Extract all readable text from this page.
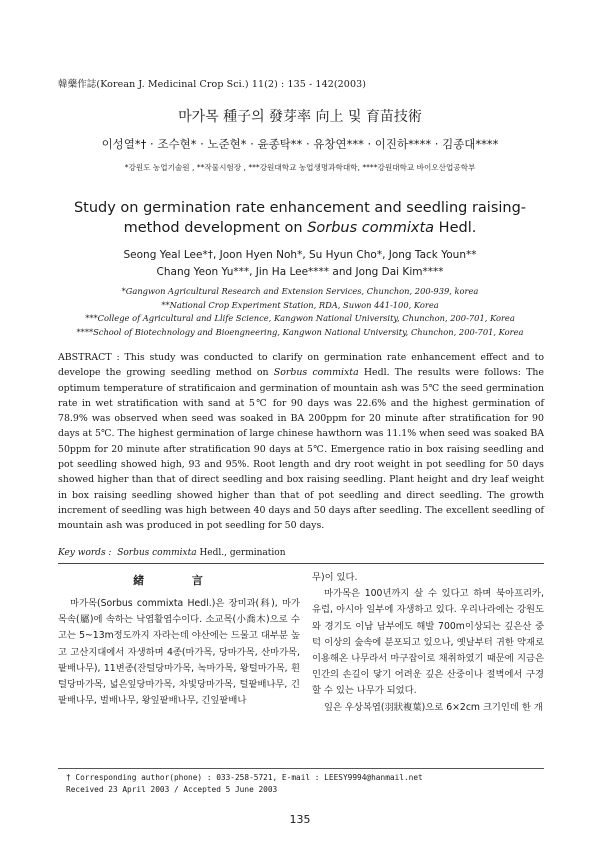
韓藥作誌(Korean J. Medicinal Crop Sci.) 11(2) : 135 - 142(2003)
마가목 種子의 發芽率 向上 및 育苗技術
이성열*† · 조수현* · 노준현* · 윤종탁** · 유창연*** · 이진하**** · 김종대****
*강원도 농업기술원 , **작물시험장 , ***강원대학교 농업생명과학대학, ****강원대학교 바이오산업공학부
Study on germination rate enhancement and seedling raising-
method development on Sorbus commixta Hedl.
Seong Yeal Lee*†, Joon Hyen Noh*, Su Hyun Cho*, Jong Tack Youn**
Chang Yeon Yu***, Jin Ha Lee**** and Jong Dai Kim****
*Gangwon Agricultural Research and Extension Services, Chunchon, 200-939, korea
**National Crop Experiment Station, RDA, Suwon 441-100, Korea
***College of Agricultural and Llife Science, Kangwon National University, Chunchon, 200-701, Korea
****School of Biotechnology and Bioengneering, Kangwon National University, Chunchon, 200-701, Korea
ABSTRACT : This study was conducted to clarify on germination rate enhancement effect and to develope the growing seedling method on Sorbus commixta Hedl. The results were follows: The optimum temperature of stratificaion and germination of mountain ash was 5℃ the seed germination rate in wet stratification with sand at 5℃ for 90 days was 22.6% and the highest germination of 78.9% was observed when seed was soaked in BA 200ppm for 20 minute after stratification for 90 days at 5℃. The highest germination of large chinese hawthorn was 11.1% when seed was soaked BA 50ppm for 20 minute after stratification 90 days at 5℃. Emergence ratio in box raising seedling and pot seedling showed high, 93 and 95%. Root length and dry root weight in pot seedling for 50 days showed higher than that of direct seedling and box raising seedling. Plant height and dry leaf weight in box raising seedling showed higher than that of pot seedling and direct seedling. The growth increment of seedling was high between 40 days and 50 days after seedling. The excellent seedling of mountain ash was produced in pot seedling for 50 days.
Key words : Sorbus commixta Hedl., germination
緒 言

마가목(Sorbus commixta Hedl.)은 장미과(科), 마가목속(屬)에 속하는 낙엽활엽수이다. 소교목(小喬木)으로 수고는 5~13m정도까지 자라는데 야산에는 드물고 대부분 높고 고산지대에서 자생하며 4종(마가목, 당마가목, 산마가목, 팥배나무), 11변종(잔털당마가목, 녹마가목, 왕털마가목, 흰털당마가목, 넓은잎당마가목, 차빛당마가목, 털팥배나무, 긴팥배나무, 벌배나무, 왕잎팥배나무, 긴잎팥배나

무)이 있다.

마가목은 100년까지 살 수 있다고 하며 북아프리카, 유럽, 아시아 일부에 자생하고 있다. 우리나라에는 강원도와 경기도 이남 남부에도 해발 700m이상되는 깊은산 중턱 이상의 숲속에 분포되고 있으나, 옛날부터 귀한 약재로 이용해온 나무라서 마구잡이로 채취하였기 때문에 지금은 인간의 손길이 닿기 어려운 깊은 산중이나 절벽에서 구경할 수 있는 나무가 되었다.

잎은 우상복엽(羽狀複葉)으로 6×2cm 크기인데 한 개

† Corresponding author(phone) : 033-258-5721, E-mail : LEESY9994@hanmail.net
Received 23 April 2003 / Accepted 5 June 2003
135
